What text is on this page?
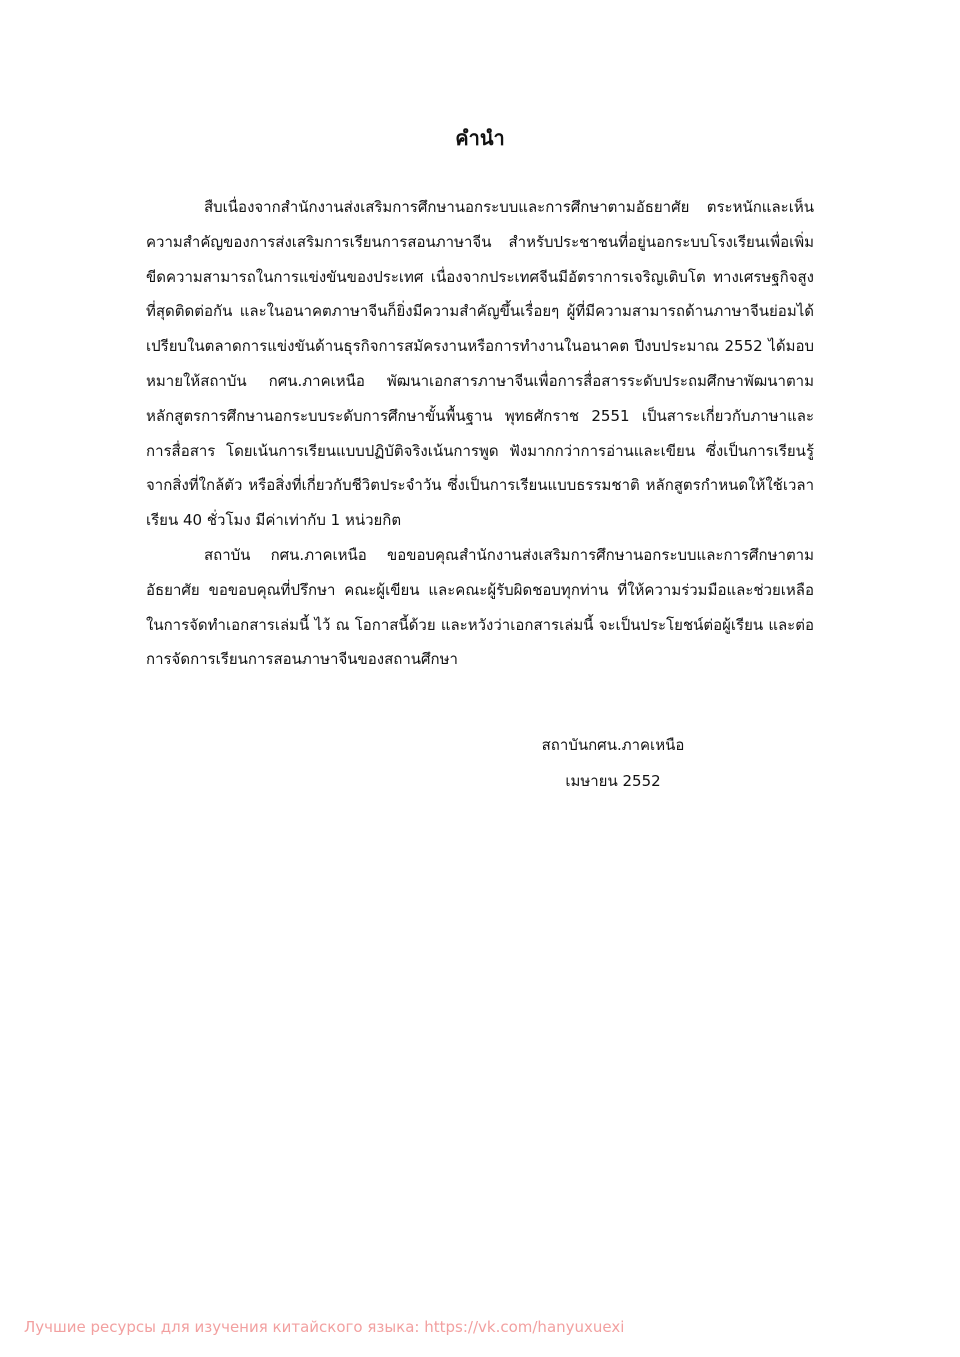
คำนำ

สืบเนื่องจากสำนักงานส่งเสริมการศึกษานอกระบบและการศึกษาตามอัธยาศัย ตระหนักและเห็นความสำคัญของการส่งเสริมการเรียนการสอนภาษาจีน สำหรับประชาชนที่อยู่นอกระบบโรงเรียนเพื่อเพิ่มขีดความสามารถในการแข่งขันของประเทศ เนื่องจากประเทศจีนมีอัตราการเจริญเติบโต ทางเศรษฐกิจสูงที่สุดติดต่อกัน และในอนาคตภาษาจีนก็ยิ่งมีความสำคัญขึ้นเรื่อยๆ ผู้ที่มีความสามารถด้านภาษาจีนย่อมได้เปรียบในตลาดการแข่งขันด้านธุรกิจการสมัครงานหรือการทำงานในอนาคต ปีงบประมาณ 2552 ได้มอบหมายให้สถาบัน กศน.ภาคเหนือ พัฒนาเอกสารภาษาจีนเพื่อการสื่อสารระดับประถมศึกษาพัฒนาตามหลักสูตรการศึกษานอกระบบระดับการศึกษาขั้นพื้นฐาน พุทธศักราช 2551 เป็นสาระเกี่ยวกับภาษาและการสื่อสาร โดยเน้นการเรียนแบบปฏิบัติจริงเน้นการพูด ฟังมากกว่าการอ่านและเขียน ซึ่งเป็นการเรียนรู้จากสิ่งที่ใกล้ตัว หรือสิ่งที่เกี่ยวกับชีวิตประจำวัน ซึ่งเป็นการเรียนแบบธรรมชาติ หลักสูตรกำหนดให้ใช้เวลาเรียน 40 ชั่วโมง มีค่าเท่ากับ 1 หน่วยกิต

สถาบัน กศน.ภาคเหนือ ขอขอบคุณสำนักงานส่งเสริมการศึกษานอกระบบและการศึกษาตามอัธยาศัย ขอขอบคุณที่ปรึกษา คณะผู้เขียน และคณะผู้รับผิดชอบทุกท่าน ที่ให้ความร่วมมือและช่วยเหลือในการจัดทำเอกสารเล่มนี้ ไว้ ณ โอกาสนี้ด้วย และหวังว่าเอกสารเล่มนี้ จะเป็นประโยชน์ต่อผู้เรียน และต่อการจัดการเรียนการสอนภาษาจีนของสถานศึกษา

สถาบันกศน.ภาคเหนือ
เมษายน 2552
Лучшие ресурсы для изучения китайского языка: https://vk.com/hanyuxuexi
